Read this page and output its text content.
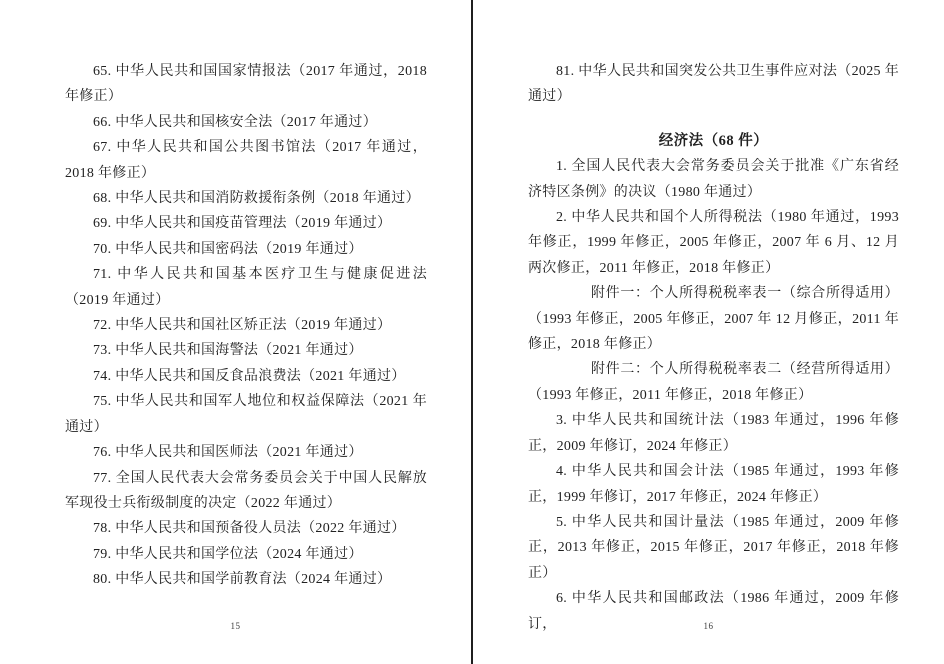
65. 中华人民共和国国家情报法（2017 年通过，2018 年修正）

66. 中华人民共和国核安全法（2017 年通过）

67. 中华人民共和国公共图书馆法（2017 年通过，2018 年修正）

68. 中华人民共和国消防救援衔条例（2018 年通过）

69. 中华人民共和国疫苗管理法（2019 年通过）

70. 中华人民共和国密码法（2019 年通过）

71. 中华人民共和国基本医疗卫生与健康促进法（2019 年通过）

72. 中华人民共和国社区矫正法（2019 年通过）

73. 中华人民共和国海警法（2021 年通过）

74. 中华人民共和国反食品浪费法（2021 年通过）

75. 中华人民共和国军人地位和权益保障法（2021 年通过）

76. 中华人民共和国医师法（2021 年通过）

77. 全国人民代表大会常务委员会关于中国人民解放军现役士兵衔级制度的决定（2022 年通过）

78. 中华人民共和国预备役人员法（2022 年通过）

79. 中华人民共和国学位法（2024 年通过）

80. 中华人民共和国学前教育法（2024 年通过）

15

81. 中华人民共和国突发公共卫生事件应对法（2025 年通过）

经济法（68 件）

1. 全国人民代表大会常务委员会关于批准《广东省经济特区条例》的决议（1980 年通过）

2. 中华人民共和国个人所得税法（1980 年通过，1993 年修正，1999 年修正，2005 年修正，2007 年 6 月、12 月两次修正，2011 年修正，2018 年修正）

附件一：个人所得税税率表一（综合所得适用）（1993 年修正，2005 年修正，2007 年 12 月修正，2011 年修正，2018 年修正）

附件二：个人所得税税率表二（经营所得适用）（1993 年修正，2011 年修正，2018 年修正）

3. 中华人民共和国统计法（1983 年通过，1996 年修正，2009 年修订，2024 年修正）

4. 中华人民共和国会计法（1985 年通过，1993 年修正，1999 年修订，2017 年修正，2024 年修正）

5. 中华人民共和国计量法（1985 年通过，2009 年修正，2013 年修正，2015 年修正，2017 年修正，2018 年修正）

6. 中华人民共和国邮政法（1986 年通过，2009 年修订，	16
